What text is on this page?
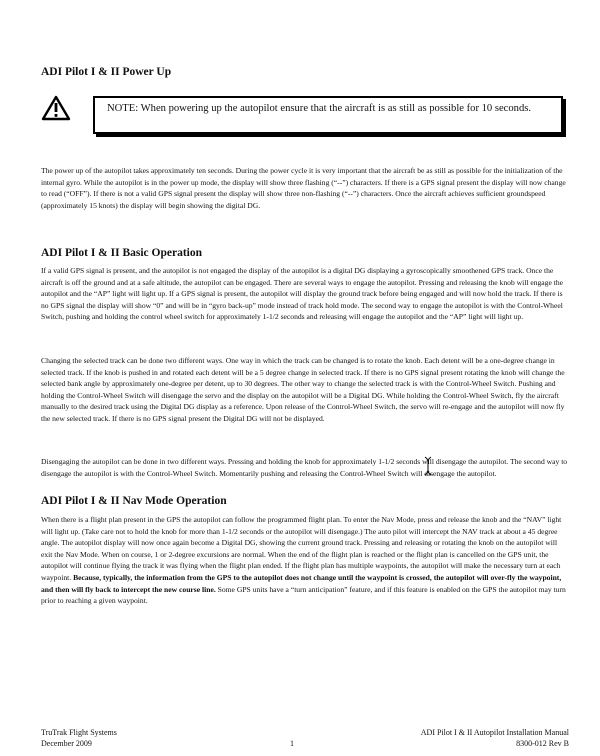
ADI Pilot I & II Power Up
NOTE: When powering up the autopilot ensure that the aircraft is as still as possible for 10 seconds.

The power up of the autopilot takes approximately ten seconds. During the power cycle it is very important that the aircraft be as still as possible for the initialization of the internal gyro. While the autopilot is in the power up mode, the display will show three flashing (“--”) characters. If there is a GPS signal present the display will now change to read (“OFF”). If there is not a valid GPS signal present the display will show three non-flashing (“--”) characters. Once the aircraft achieves sufficient groundspeed (approximately 15 knots) the display will begin showing the digital DG.

ADI Pilot I & II Basic Operation

If a valid GPS signal is present, and the autopilot is not engaged the display of the autopilot is a digital DG displaying a gyroscopically smoothened GPS track. Once the aircraft is off the ground and at a safe altitude, the autopilot can be engaged. There are several ways to engage the autopilot. Pressing and releasing the knob will engage the autopilot and the “AP” light will light up. If a GPS signal is present, the autopilot will display the ground track before being engaged and will now hold the track. If there is no GPS signal the display will show “0” and will be in “gyro back-up” mode instead of track hold mode. The second way to engage the autopilot is with the Control-Wheel Switch, pushing and holding the control wheel switch for approximately 1-1/2 seconds and releasing will engage the autopilot and the “AP” light will light up.

Changing the selected track can be done two different ways. One way in which the track can be changed is to rotate the knob. Each detent will be a one-degree change in selected track. If the knob is pushed in and rotated each detent will be a 5 degree change in selected track. If there is no GPS signal present rotating the knob will change the selected bank angle by approximately one-degree per detent, up to 30 degrees. The other way to change the selected track is with the Control-Wheel Switch. Pushing and holding the Control-Wheel Switch will disengage the servo and the display on the autopilot will be a Digital DG. While holding the Control-Wheel Switch, fly the aircraft manually to the desired track using the Digital DG display as a reference. Upon release of the Control-Wheel Switch, the servo will re-engage and the autopilot will now fly the new selected track. If there is no GPS signal present the Digital DG will not be displayed.

Disengaging the autopilot can be done in two different ways. Pressing and holding the knob for approximately 1-1/2 seconds will disengage the autopilot. The second way to disengage the autopilot is with the Control-Wheel Switch. Momentarily pushing and releasing the Control-Wheel Switch will disengage the autopilot.

ADI Pilot I & II Nav Mode Operation

When there is a flight plan present in the GPS the autopilot can follow the programmed flight plan. To enter the Nav Mode, press and release the knob and the “NAV” light will light up. (Take care not to hold the knob for more than 1-1/2 seconds or the autopilot will disengage.) The auto pilot will intercept the NAV track at about a 45 degree angle. The autopilot display will now once again become a Digital DG, showing the current ground track. Pressing and releasing or rotating the knob on the autopilot will exit the Nav Mode. When on course, 1 or 2-degree excursions are normal. When the end of the flight plan is reached or the flight plan is cancelled on the GPS unit, the autopilot will continue flying the track it was flying when the flight plan ended. If the flight plan has multiple waypoints, the autopilot will make the necessary turn at each waypoint. Because, typically, the information from the GPS to the autopilot does not change until the waypoint is crossed, the autopilot will over-fly the waypoint, and then will fly back to intercept the new course line. Some GPS units have a “turn anticipation” feature, and if this feature is enabled on the GPS the autopilot may turn prior to reaching a given waypoint.

TruTrak Flight Systems
December 2009	1
ADI Pilot I & II Autopilot Installation Manual
8300-012 Rev B
